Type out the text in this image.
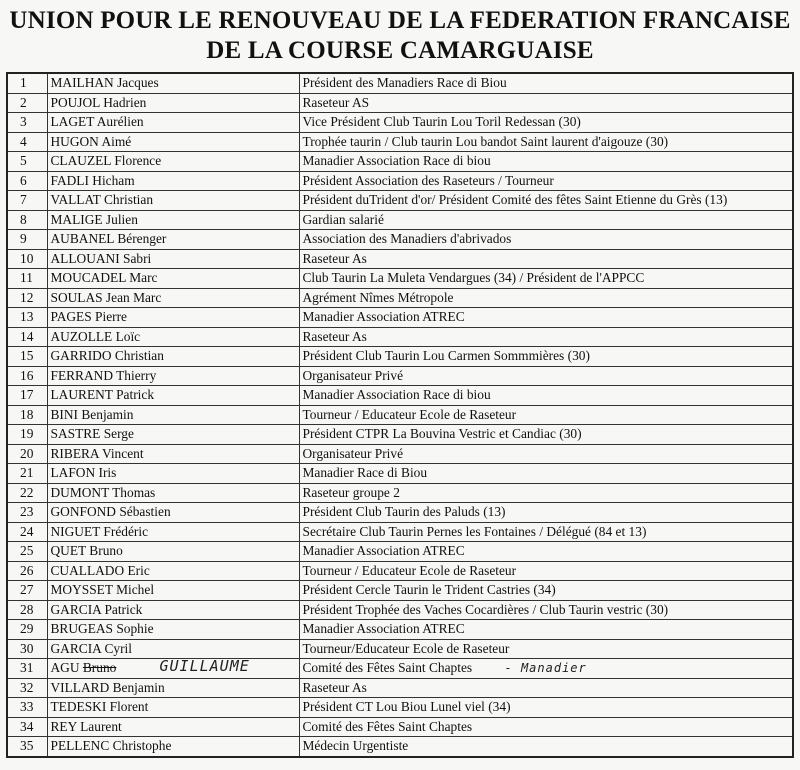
UNION POUR LE RENOUVEAU DE LA FEDERATION FRANCAISE
DE LA COURSE CAMARGUAISE
1	MAILHAN Jacques	Président des Manadiers Race di Biou
2	POUJOL Hadrien	Raseteur AS
3	LAGET Aurélien	Vice Président Club Taurin Lou Toril Redessan (30)
4	HUGON Aimé	Trophée taurin / Club taurin Lou bandot Saint laurent d'aigouze (30)
5	CLAUZEL Florence	Manadier Association Race di biou
6	FADLI Hicham	Président Association des Raseteurs / Tourneur
7	VALLAT Christian	Président duTrident d'or/ Président Comité des fêtes Saint Etienne du Grès (13)
8	MALIGE Julien	Gardian salarié
9	AUBANEL Bérenger	Association des Manadiers d'abrivados
10	ALLOUANI Sabri	Raseteur As
11	MOUCADEL Marc	Club Taurin La Muleta Vendargues (34) / Président de l'APPCC
12	SOULAS Jean Marc	Agrément Nîmes Métropole
13	PAGES Pierre	Manadier Association ATREC
14	AUZOLLE Loïc	Raseteur As
15	GARRIDO Christian	Président Club Taurin Lou Carmen Sommmières (30)
16	FERRAND Thierry	Organisateur Privé
17	LAURENT Patrick	Manadier Association Race di biou
18	BINI Benjamin	Tourneur / Educateur Ecole de Raseteur
19	SASTRE Serge	Président CTPR La Bouvina Vestric et Candiac (30)
20	RIBERA Vincent	Organisateur Privé
21	LAFON Iris	Manadier Race di Biou
22	DUMONT Thomas	Raseteur groupe 2
23	GONFOND Sébastien	Président Club Taurin des Paluds (13)
24	NIGUET Frédéric	Secrétaire Club Taurin Pernes les Fontaines / Délégué (84 et 13)
25	QUET Bruno	Manadier Association ATREC
26	CUALLADO Eric	Tourneur / Educateur Ecole de Raseteur
27	MOYSSET Michel	Président Cercle Taurin le Trident Castries (34)
28	GARCIA Patrick	Président Trophée des Vaches Cocardières / Club Taurin vestric (30)
29	BRUGEAS Sophie	Manadier Association ATREC
30	GARCIA Cyril	Tourneur/Educateur Ecole de Raseteur
31	AGU Bruno GUILLAUME	Comité des Fêtes Saint Chaptes - Manadier

32	VILLARD Benjamin	Raseteur As
33	TEDESKI Florent	Président CT Lou Biou Lunel viel (34)
34	REY Laurent	Comité des Fêtes Saint Chaptes
35	PELLENC Christophe	Médecin Urgentiste
